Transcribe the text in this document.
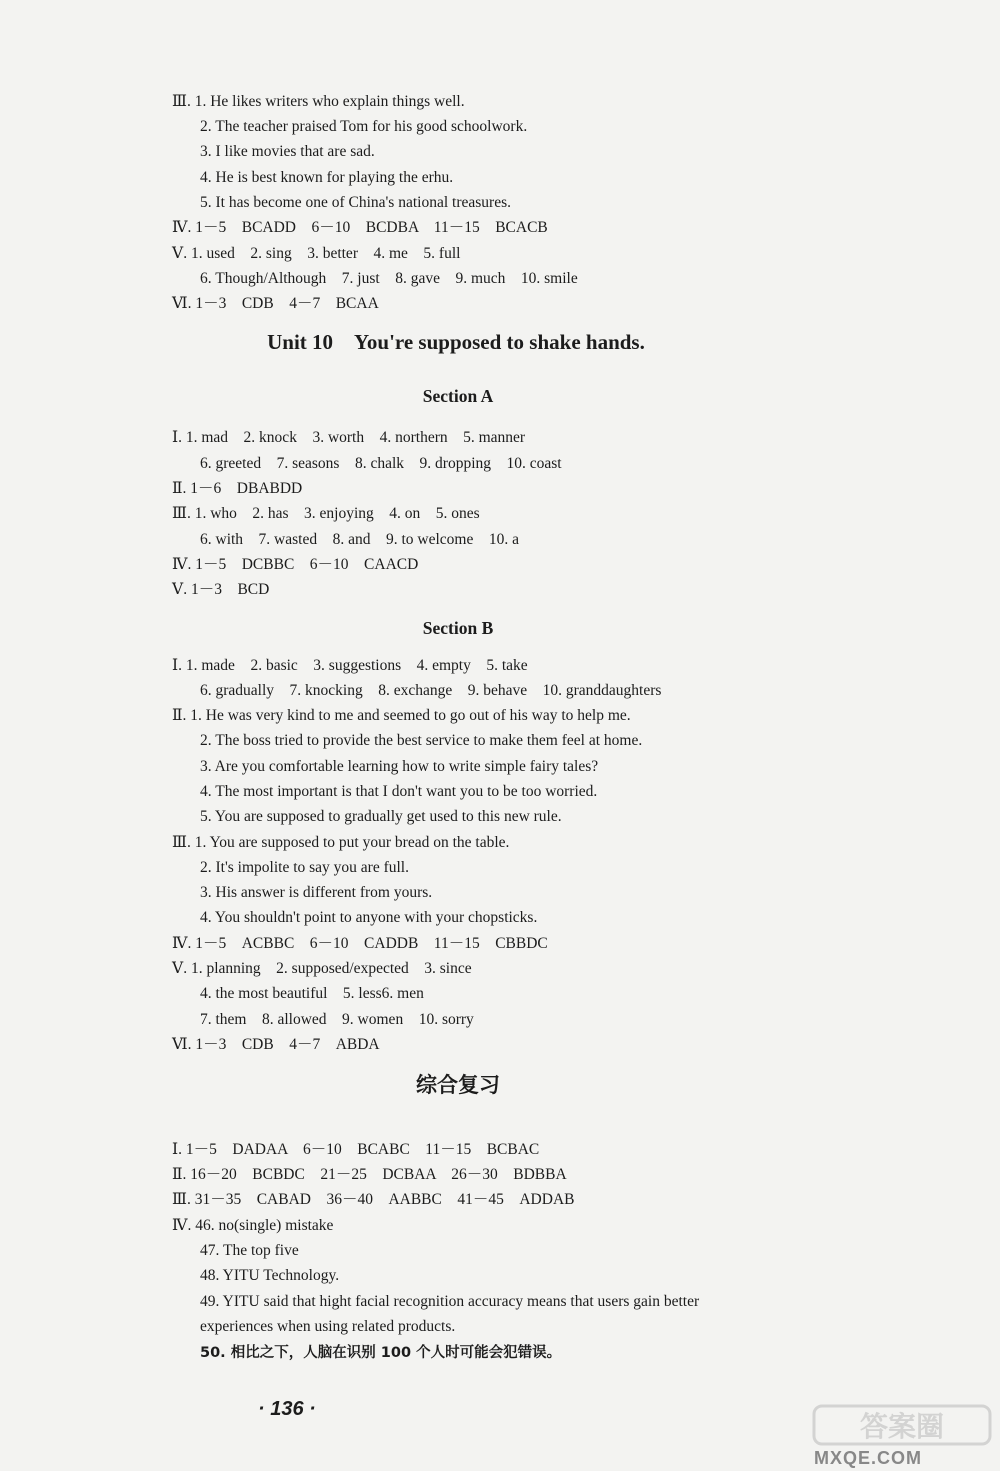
Ⅲ. 1. He likes writers who explain things well.
2. The teacher praised Tom for his good schoolwork.
3. I like movies that are sad.
4. He is best known for playing the erhu.
5. It has become one of China's national treasures.
Ⅳ. 1－5　BCADD　6－10　BCDBA　11－15　BCACB
Ⅴ. 1. used　2. sing　3. better　4. me　5. full
6. Though/Although　7. just　8. gave　9. much　10. smile
Ⅵ. 1－3　CDB　4－7　BCAA
Unit 10　You're supposed to shake hands.
Section A
Ⅰ. 1. mad　2. knock　3. worth　4. northern　5. manner
6. greeted　7. seasons　8. chalk　9. dropping　10. coast
Ⅱ. 1－6　DBABDD
Ⅲ. 1. who　2. has　3. enjoying　4. on　5. ones
6. with　7. wasted　8. and　9. to welcome　10. a
Ⅳ. 1－5　DCBBC　6－10　CAACD
Ⅴ. 1－3　BCD
Section B
Ⅰ. 1. made　2. basic　3. suggestions　4. empty　5. take
6. gradually　7. knocking　8. exchange　9. behave　10. granddaughters
Ⅱ. 1. He was very kind to me and seemed to go out of his way to help me.
2. The boss tried to provide the best service to make them feel at home.
3. Are you comfortable learning how to write simple fairy tales?
4. The most important is that I don't want you to be too worried.
5. You are supposed to gradually get used to this new rule.
Ⅲ. 1. You are supposed to put your bread on the table.
2. It's impolite to say you are full.
3. His answer is different from yours.
4. You shouldn't point to anyone with your chopsticks.
Ⅳ. 1－5　ACBBC　6－10　CADDB　11－15　CBBDC
Ⅴ. 1. planning　2. supposed/expected　3. since
4. the most beautiful　5. less6. men
7. them　8. allowed　9. women　10. sorry
Ⅵ. 1－3　CDB　4－7　ABDA
综合复习
Ⅰ. 1－5　DADAA　6－10　BCABC　11－15　BCBAC
Ⅱ. 16－20　BCBDC　21－25　DCBAA　26－30　BDBBA
Ⅲ. 31－35　CABAD　36－40　AABBC　41－45　ADDAB
Ⅳ. 46. no(single) mistake
47. The top five
48. YITU Technology.
49. YITU said that hight facial recognition accuracy means that users gain better
experiences when using related products.
50. 相比之下，人脑在识别 100 个人时可能会犯错误。
· 136 ·
答案圈
MXQE.COM
